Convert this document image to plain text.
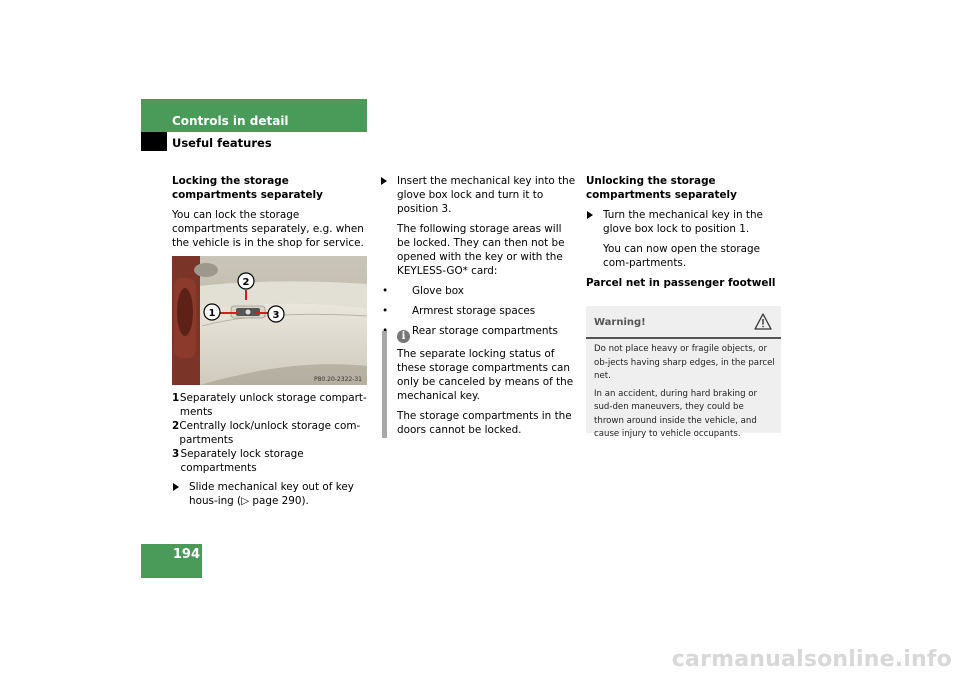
Controls in detail
Useful features

Locking the storage compartments separately

You can lock the storage compartments separately, e.g. when the vehicle is in the shop for service.

2
1	3
P80.20-2322-31
1 Separately unlock storage compart-ments
2 Centrally lock/unlock storage com-partments
3 Separately lock storage compartments

Slide mechanical key out of key hous-ing (▷ page 290).

Insert the mechanical key into the glove box lock and turn it to position 3.

The following storage areas will be locked. They can then not be opened with the key or with the KEYLESS-GO* card:

• Glove box

• Armrest storage spaces

• Rear storage compartments

i

The separate locking status of these storage compartments can only be canceled by means of the mechanical key.

The storage compartments in the doors cannot be locked.

Unlocking the storage compartments separately

Turn the mechanical key in the glove box lock to position 1.

You can now open the storage com-partments.

Parcel net in passenger footwell

Warning!

Do not place heavy or fragile objects, or ob-jects having sharp edges, in the parcel net.

In an accident, during hard braking or sud-den maneuvers, they could be thrown around inside the vehicle, and cause injury to vehicle occupants.

194
carmanualsonline.info
